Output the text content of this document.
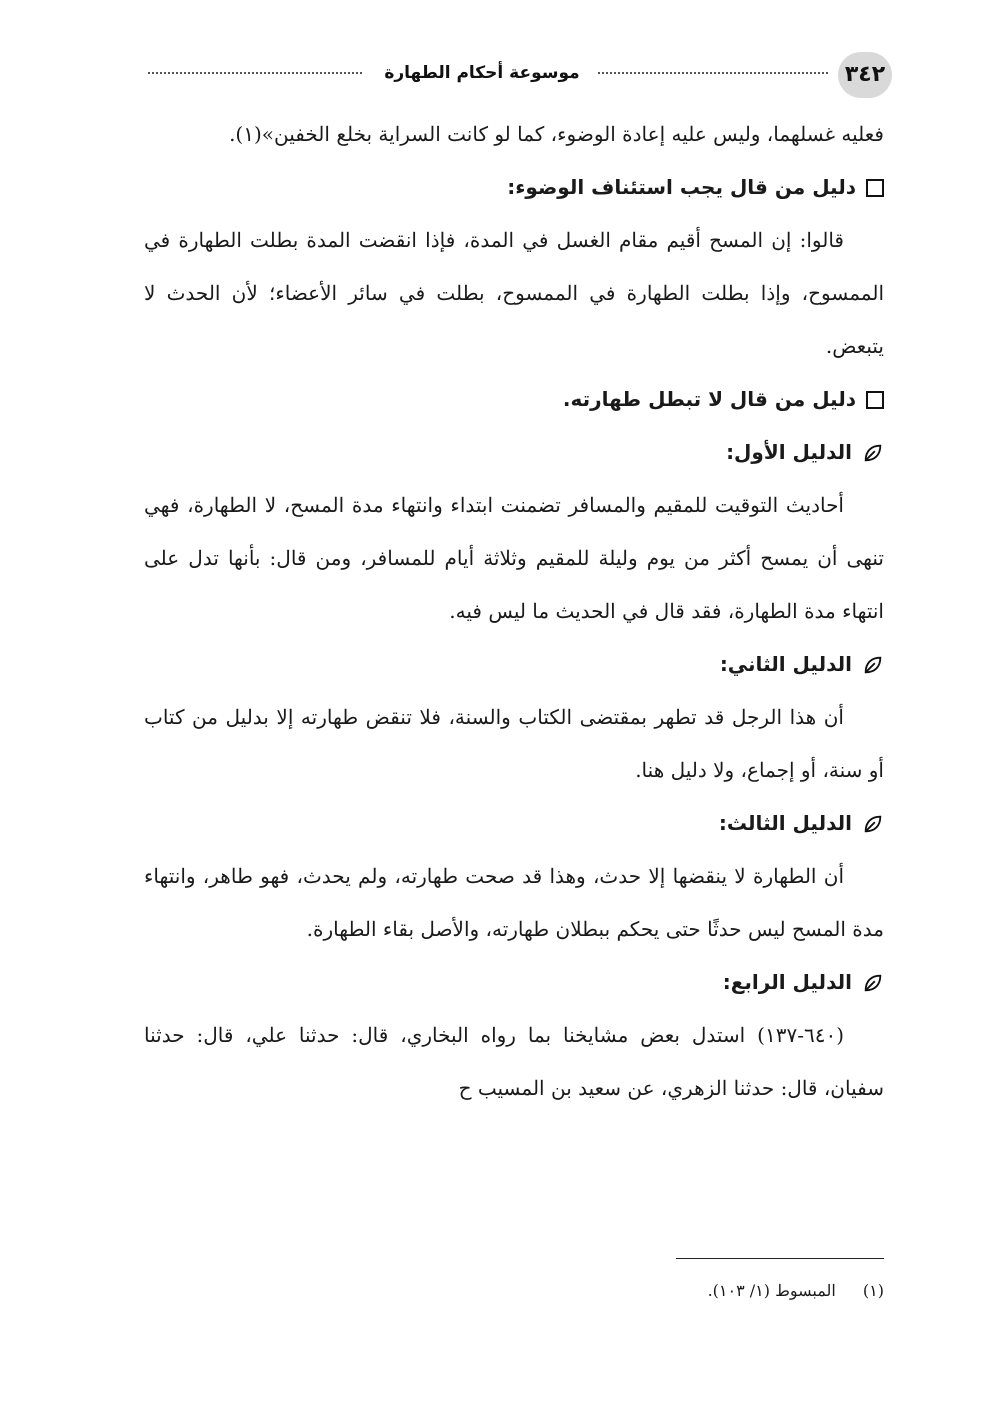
٣٤٢
موسوعة أحكام الطهارة

فعليه غسلهما، وليس عليه إعادة الوضوء، كما لو كانت السراية بخلع الخفين»(١).

دليل من قال يجب استئناف الوضوء:

قالوا: إن المسح أقيم مقام الغسل في المدة، فإذا انقضت المدة بطلت الطهارة في الممسوح، وإذا بطلت الطهارة في الممسوح، بطلت في سائر الأعضاء؛ لأن الحدث لا يتبعض.

دليل من قال لا تبطل طهارته.
الدليل الأول:

أحاديث التوقيت للمقيم والمسافر تضمنت ابتداء وانتهاء مدة المسح، لا الطهارة، فهي تنهى أن يمسح أكثر من يوم وليلة للمقيم وثلاثة أيام للمسافر، ومن قال: بأنها تدل على انتهاء مدة الطهارة، فقد قال في الحديث ما ليس فيه.

الدليل الثاني:

أن هذا الرجل قد تطهر بمقتضى الكتاب والسنة، فلا تنقض طهارته إلا بدليل من كتاب أو سنة، أو إجماع، ولا دليل هنا.

الدليل الثالث:

أن الطهارة لا ينقضها إلا حدث، وهذا قد صحت طهارته، ولم يحدث، فهو طاهر، وانتهاء مدة المسح ليس حدثًا حتى يحكم ببطلان طهارته، والأصل بقاء الطهارة.

الدليل الرابع:

(٦٤٠-١٣٧) استدل بعض مشايخنا بما رواه البخاري، قال: حدثنا علي، قال: حدثنا سفيان، قال: حدثنا الزهري، عن سعيد بن المسيب ح

(١) المبسوط (١/ ١٠٣).
